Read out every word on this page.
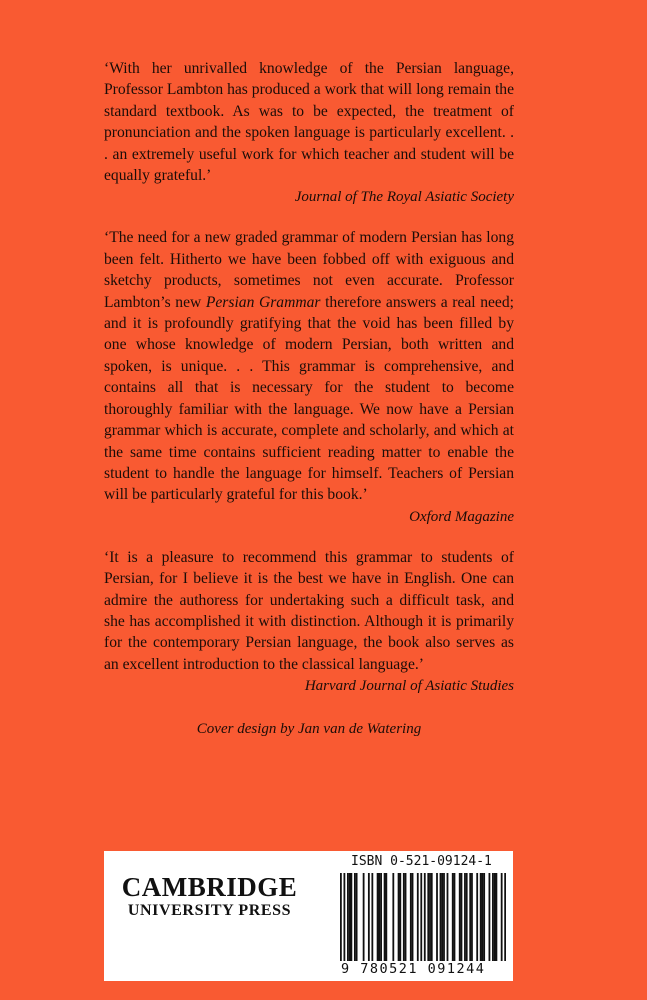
‘With her unrivalled knowledge of the Persian language, Professor Lambton has produced a work that will long remain the standard textbook. As was to be expected, the treatment of pronunciation and the spoken language is particularly excellent. . . an extremely useful work for which teacher and student will be equally grateful.’

Journal of The Royal Asiatic Society

‘The need for a new graded grammar of modern Persian has long been felt. Hitherto we have been fobbed off with exiguous and sketchy products, sometimes not even accurate. Professor Lambton’s new Persian Grammar therefore answers a real need; and it is profoundly gratifying that the void has been filled by one whose knowledge of modern Persian, both written and spoken, is unique. . . This grammar is comprehensive, and contains all that is necessary for the student to become thoroughly familiar with the language. We now have a Persian grammar which is accurate, complete and scholarly, and which at the same time contains sufficient reading matter to enable the student to handle the language for himself. Teachers of Persian will be particularly grateful for this book.’

Oxford Magazine

‘It is a pleasure to recommend this grammar to students of Persian, for I believe it is the best we have in English. One can admire the authoress for undertaking such a difficult task, and she has accomplished it with distinction. Although it is primarily for the contemporary Persian language, the book also serves as an excellent introduction to the classical language.’

Harvard Journal of Asiatic Studies

Cover design by Jan van de Watering
CAMBRIDGE
UNIVERSITY PRESS
ISBN 0-521-09124-1
9 780521 091244
